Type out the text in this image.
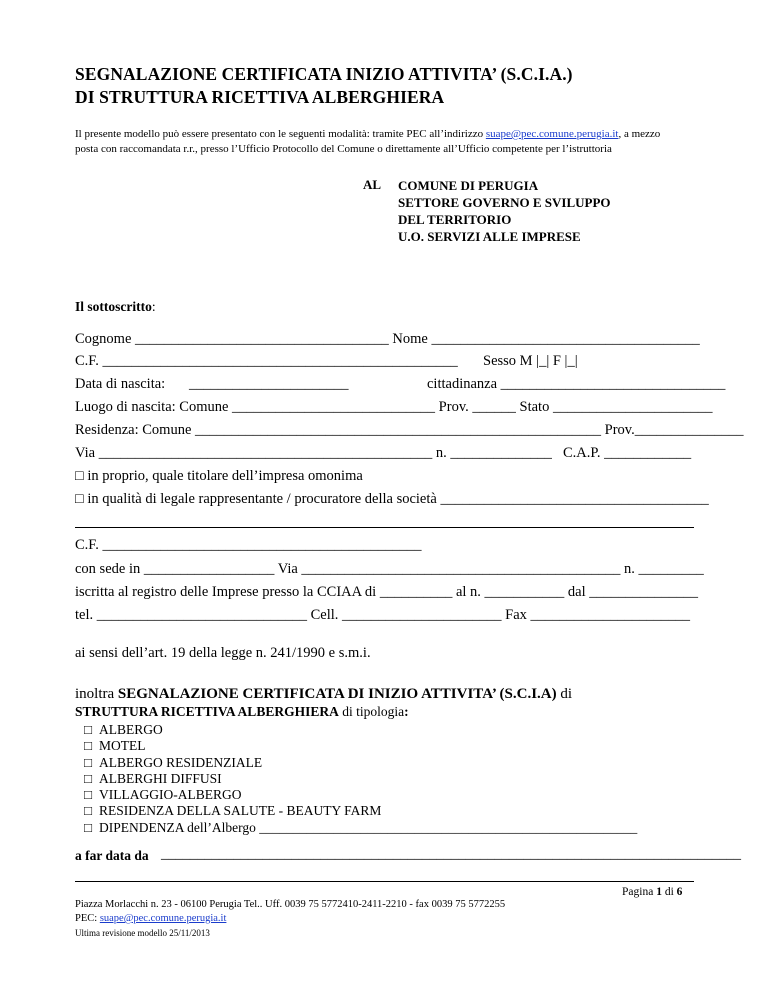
SEGNALAZIONE CERTIFICATA INIZIO ATTIVITA’ (S.C.I.A.)
DI STRUTTURA RICETTIVA ALBERGHIERA
Il presente modello può essere presentato con le seguenti modalità: tramite PEC all’indirizzo suape@pec.comune.perugia.it, a mezzo
posta con raccomandata r.r., presso l’Ufficio Protocollo del Comune o direttamente all’Ufficio competente per l’istruttoria
AL COMUNE DI PERUGIA
SETTORE GOVERNO E SVILUPPO
DEL TERRITORIO
U.O. SERVIZI ALLE IMPRESE
Il sottoscritto:
Cognome ___________________________________ Nome _____________________________________
C.F. _________________________________________________ Sesso M |_| F |_|
Data di nascita: ______________________	cittadinanza _______________________________
Luogo di nascita: Comune ____________________________ Prov. ______ Stato ______________________
Residenza: Comune ________________________________________________________ Prov._______________
Via ______________________________________________ n. ______________ C.A.P. ____________
□ in proprio, quale titolare dell’impresa omonima
□ in qualità di legale rappresentante / procuratore della società _____________________________________
C.F. ____________________________________________
con sede in __________________ Via ____________________________________________ n. _________
iscritta al registro delle Imprese presso la CCIAA di __________ al n. ___________ dal _______________
tel. _____________________________ Cell. ______________________ Fax ______________________
ai sensi dell’art. 19 della legge n. 241/1990 e s.m.i.
inoltra SEGNALAZIONE CERTIFICATA DI INIZIO ATTIVITA’ (S.C.I.A) di
STRUTTURA RICETTIVA ALBERGHIERA di tipologia:
□ ALBERGO
□ MOTEL
□ ALBERGO RESIDENZIALE
□ ALBERGHI DIFFUSI
□ VILLAGGIO-ALBERGO
□ RESIDENZA DELLA SALUTE - BEAUTY FARM
□ DIPENDENZA dell’Albergo ________________________________________________________
a far data da ________________________________________________________________________________
Pagina 1 di 6
Piazza Morlacchi n. 23 - 06100 Perugia Tel.. Uff. 0039 75 5772410-2411-2210 - fax 0039 75 5772255
PEC: suape@pec.comune.perugia.it
Ultima revisione modello 25/11/2013
